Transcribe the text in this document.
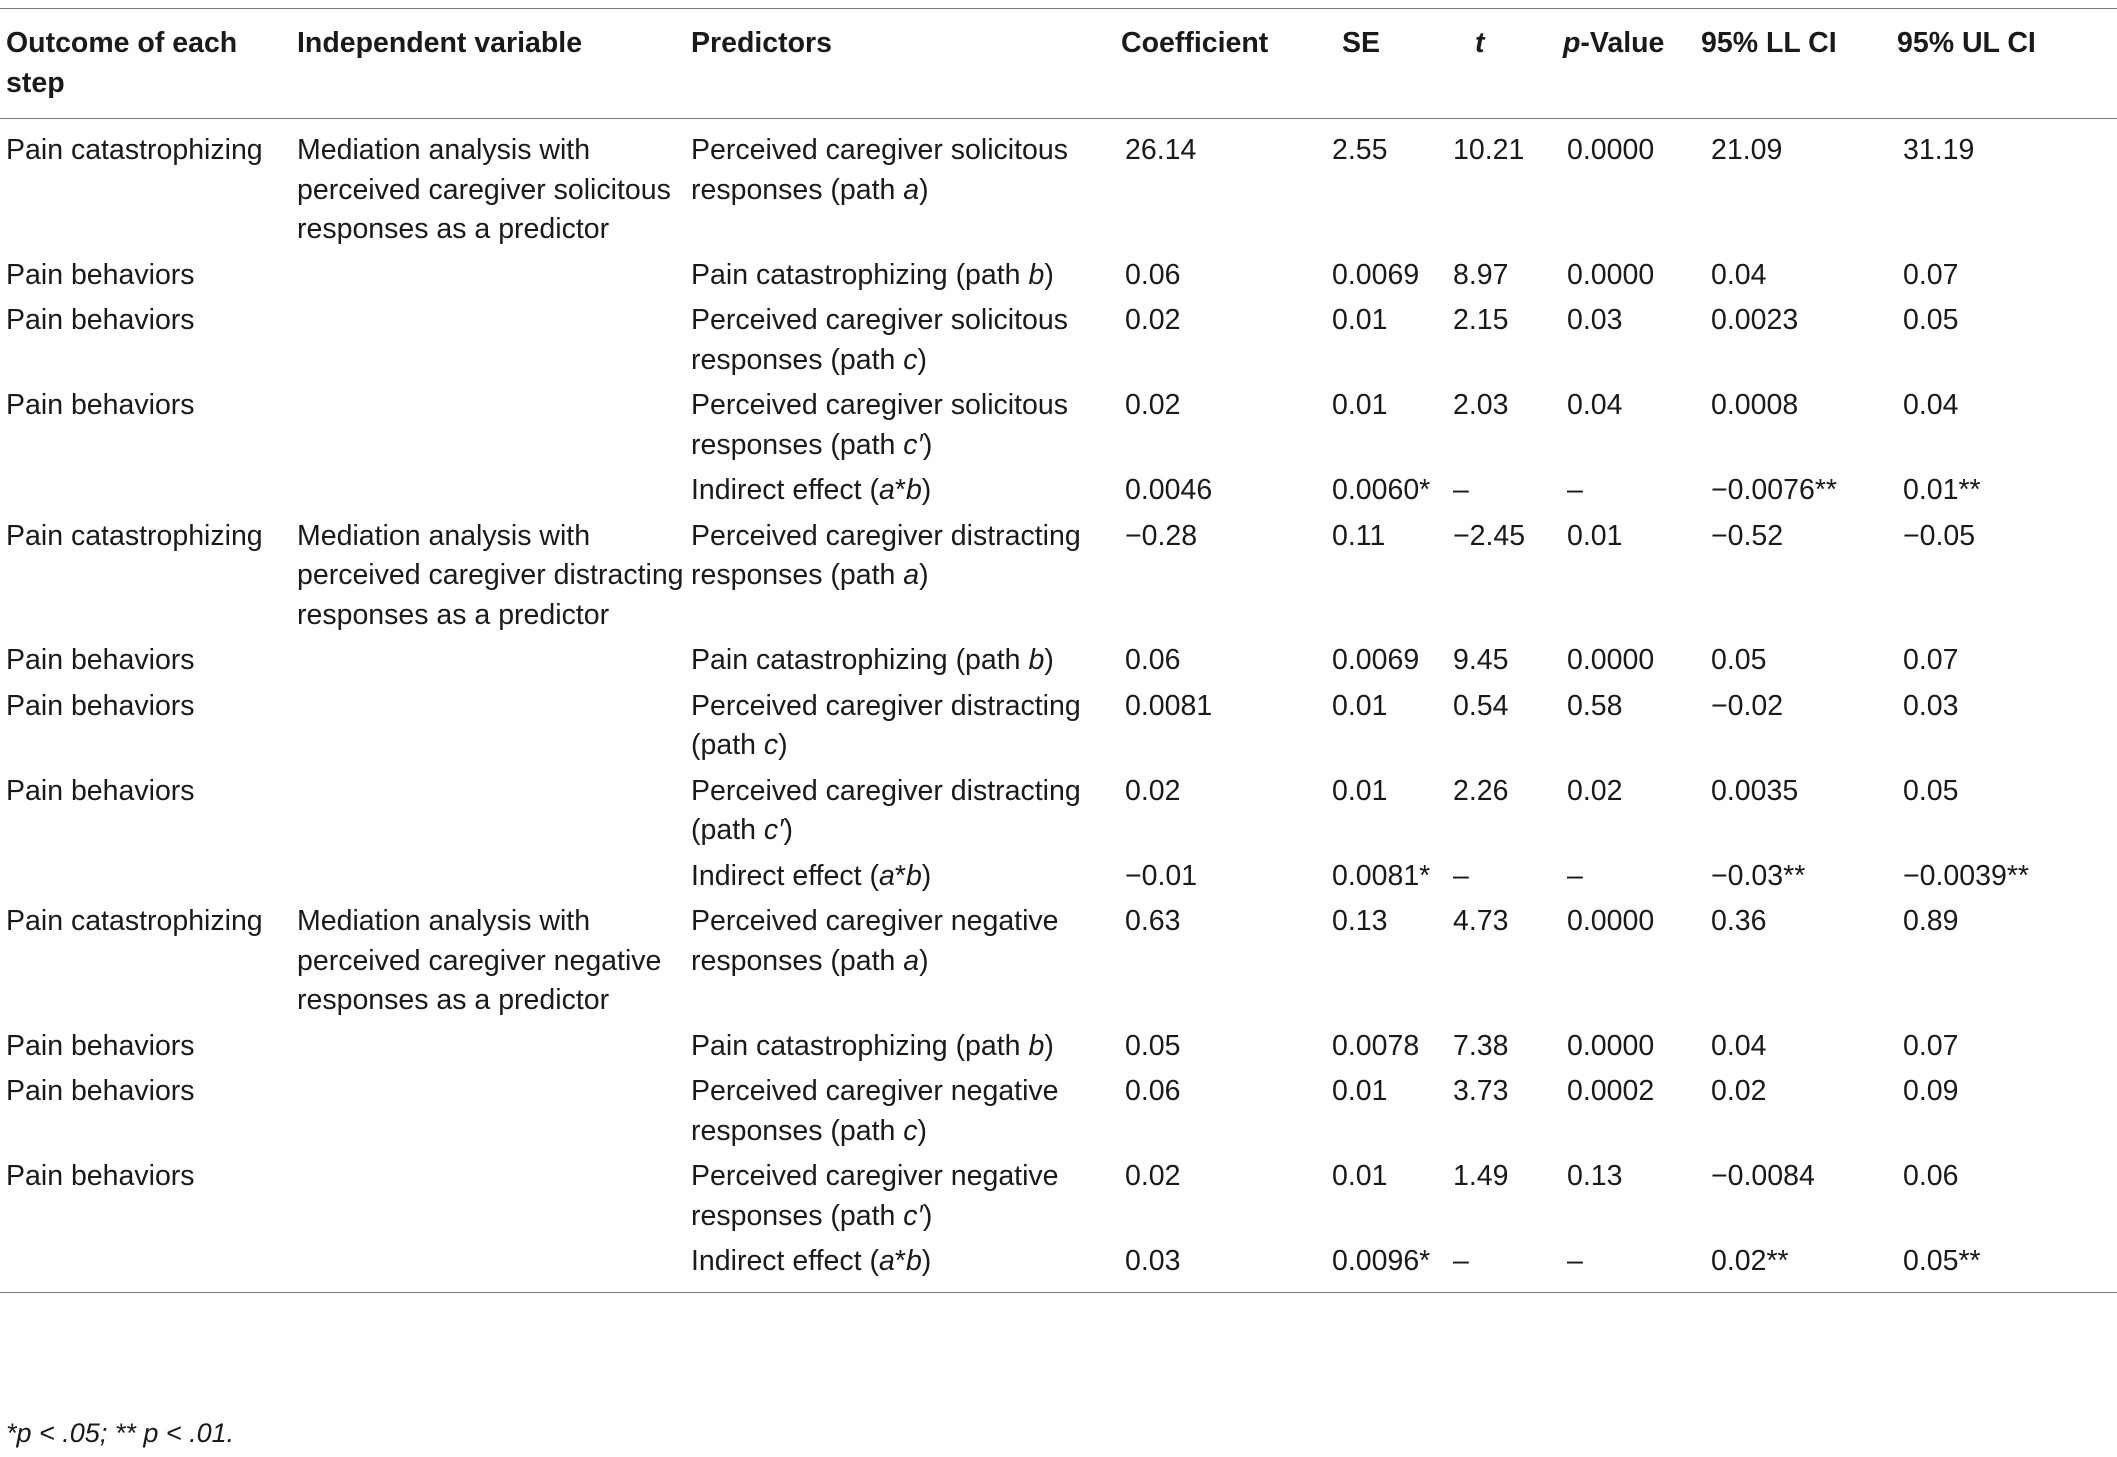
Outcome of each step	Independent variable	Predictors	Coefficient	SE	t	p-Value	95% LL CI	95% UL CI
Pain catastrophizing	Mediation analysis with perceived caregiver solicitous responses as a predictor	Perceived caregiver solicitous responses (path a)	26.14	2.55	10.21	0.0000	21.09	31.19
Pain behaviors		Pain catastrophizing (path b)	0.06	0.0069	8.97	0.0000	0.04	0.07
Pain behaviors		Perceived caregiver solicitous responses (path c)	0.02	0.01	2.15	0.03	0.0023	0.05
Pain behaviors		Perceived caregiver solicitous responses (path c′)	0.02	0.01	2.03	0.04	0.0008	0.04
		Indirect effect (a*b)	0.0046	0.0060*	–	–	−0.0076**	0.01**
Pain catastrophizing	Mediation analysis with perceived caregiver distracting responses as a predictor	Perceived caregiver distracting responses (path a)	−0.28	0.11	−2.45	0.01	−0.52	−0.05
Pain behaviors		Pain catastrophizing (path b)	0.06	0.0069	9.45	0.0000	0.05	0.07
Pain behaviors		Perceived caregiver distracting (path c)	0.0081	0.01	0.54	0.58	−0.02	0.03
Pain behaviors		Perceived caregiver distracting (path c′)	0.02	0.01	2.26	0.02	0.0035	0.05
		Indirect effect (a*b)	−0.01	0.0081*	–	–	−0.03**	−0.0039**
Pain catastrophizing	Mediation analysis with perceived caregiver negative responses as a predictor	Perceived caregiver negative responses (path a)	0.63	0.13	4.73	0.0000	0.36	0.89
Pain behaviors		Pain catastrophizing (path b)	0.05	0.0078	7.38	0.0000	0.04	0.07
Pain behaviors		Perceived caregiver negative responses (path c)	0.06	0.01	3.73	0.0002	0.02	0.09
Pain behaviors		Perceived caregiver negative responses (path c′)	0.02	0.01	1.49	0.13	−0.0084	0.06
		Indirect effect (a*b)	0.03	0.0096*	–	–	0.02**	0.05**
*p < .05; ** p < .01.
